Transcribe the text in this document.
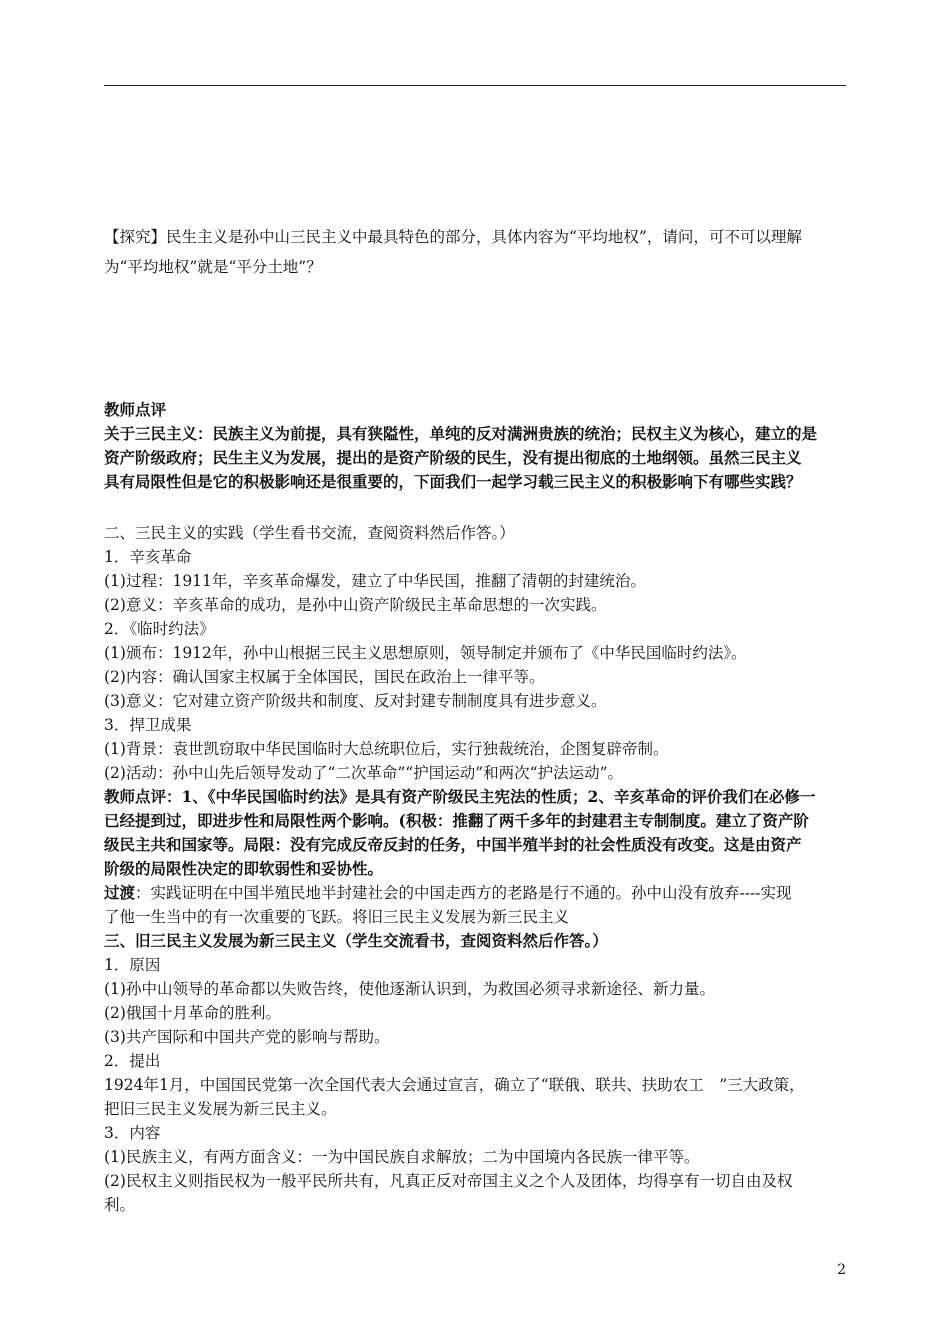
【探究】民生主义是孙中山三民主义中最具特色的部分，具体内容为“平均地权”，请问，可不可以理解
为“平均地权”就是“平分土地”？
教师点评
关于三民主义：民族主义为前提，具有狭隘性，单纯的反对满洲贵族的统治；民权主义为核心，建立的是
资产阶级政府；民生主义为发展，提出的是资产阶级的民生，没有提出彻底的土地纲领。虽然三民主义
具有局限性但是它的积极影响还是很重要的，下面我们一起学习载三民主义的积极影响下有哪些实践？
二、三民主义的实践（学生看书交流，查阅资料然后作答。）
1．辛亥革命
(1)过程：1911年，辛亥革命爆发，建立了中华民国，推翻了清朝的封建统治。
(2)意义：辛亥革命的成功，是孙中山资产阶级民主革命思想的一次实践。
2．《临时约法》
(1)颁布：1912年，孙中山根据三民主义思想原则，领导制定并颁布了《中华民国临时约法》。
(2)内容：确认国家主权属于全体国民，国民在政治上一律平等。
(3)意义：它对建立资产阶级共和制度、反对封建专制制度具有进步意义。
3．捍卫成果
(1)背景：袁世凯窃取中华民国临时大总统职位后，实行独裁统治，企图复辟帝制。
(2)活动：孙中山先后领导发动了“二次革命”“护国运动”和两次“护法运动”。
教师点评：1、《中华民国临时约法》是具有资产阶级民主宪法的性质；2、辛亥革命的评价我们在必修一
已经提到过，即进步性和局限性两个影响。(积极：推翻了两千多年的封建君主专制制度。建立了资产阶
级民主共和国家等。局限：没有完成反帝反封的任务，中国半殖半封的社会性质没有改变。这是由资产
阶级的局限性决定的即软弱性和妥协性。
过渡：实践证明在中国半殖民地半封建社会的中国走西方的老路是行不通的。孙中山没有放弃----实现
了他一生当中的有一次重要的飞跃。将旧三民主义发展为新三民主义
三、旧三民主义发展为新三民主义（学生交流看书，查阅资料然后作答。）
1．原因
(1)孙中山领导的革命都以失败告终，使他逐渐认识到，为救国必须寻求新途径、新力量。
(2)俄国十月革命的胜利。
(3)共产国际和中国共产党的影响与帮助。
2．提出
1924年1月，中国国民党第一次全国代表大会通过宣言，确立了“联俄、联共、扶助农工　”三大政策，
把旧三民主义发展为新三民主义。
3．内容
(1)民族主义，有两方面含义：一为中国民族自求解放；二为中国境内各民族一律平等。
(2)民权主义则指民权为一般平民所共有，凡真正反对帝国主义之个人及团体，均得享有一切自由及权
利。
2
